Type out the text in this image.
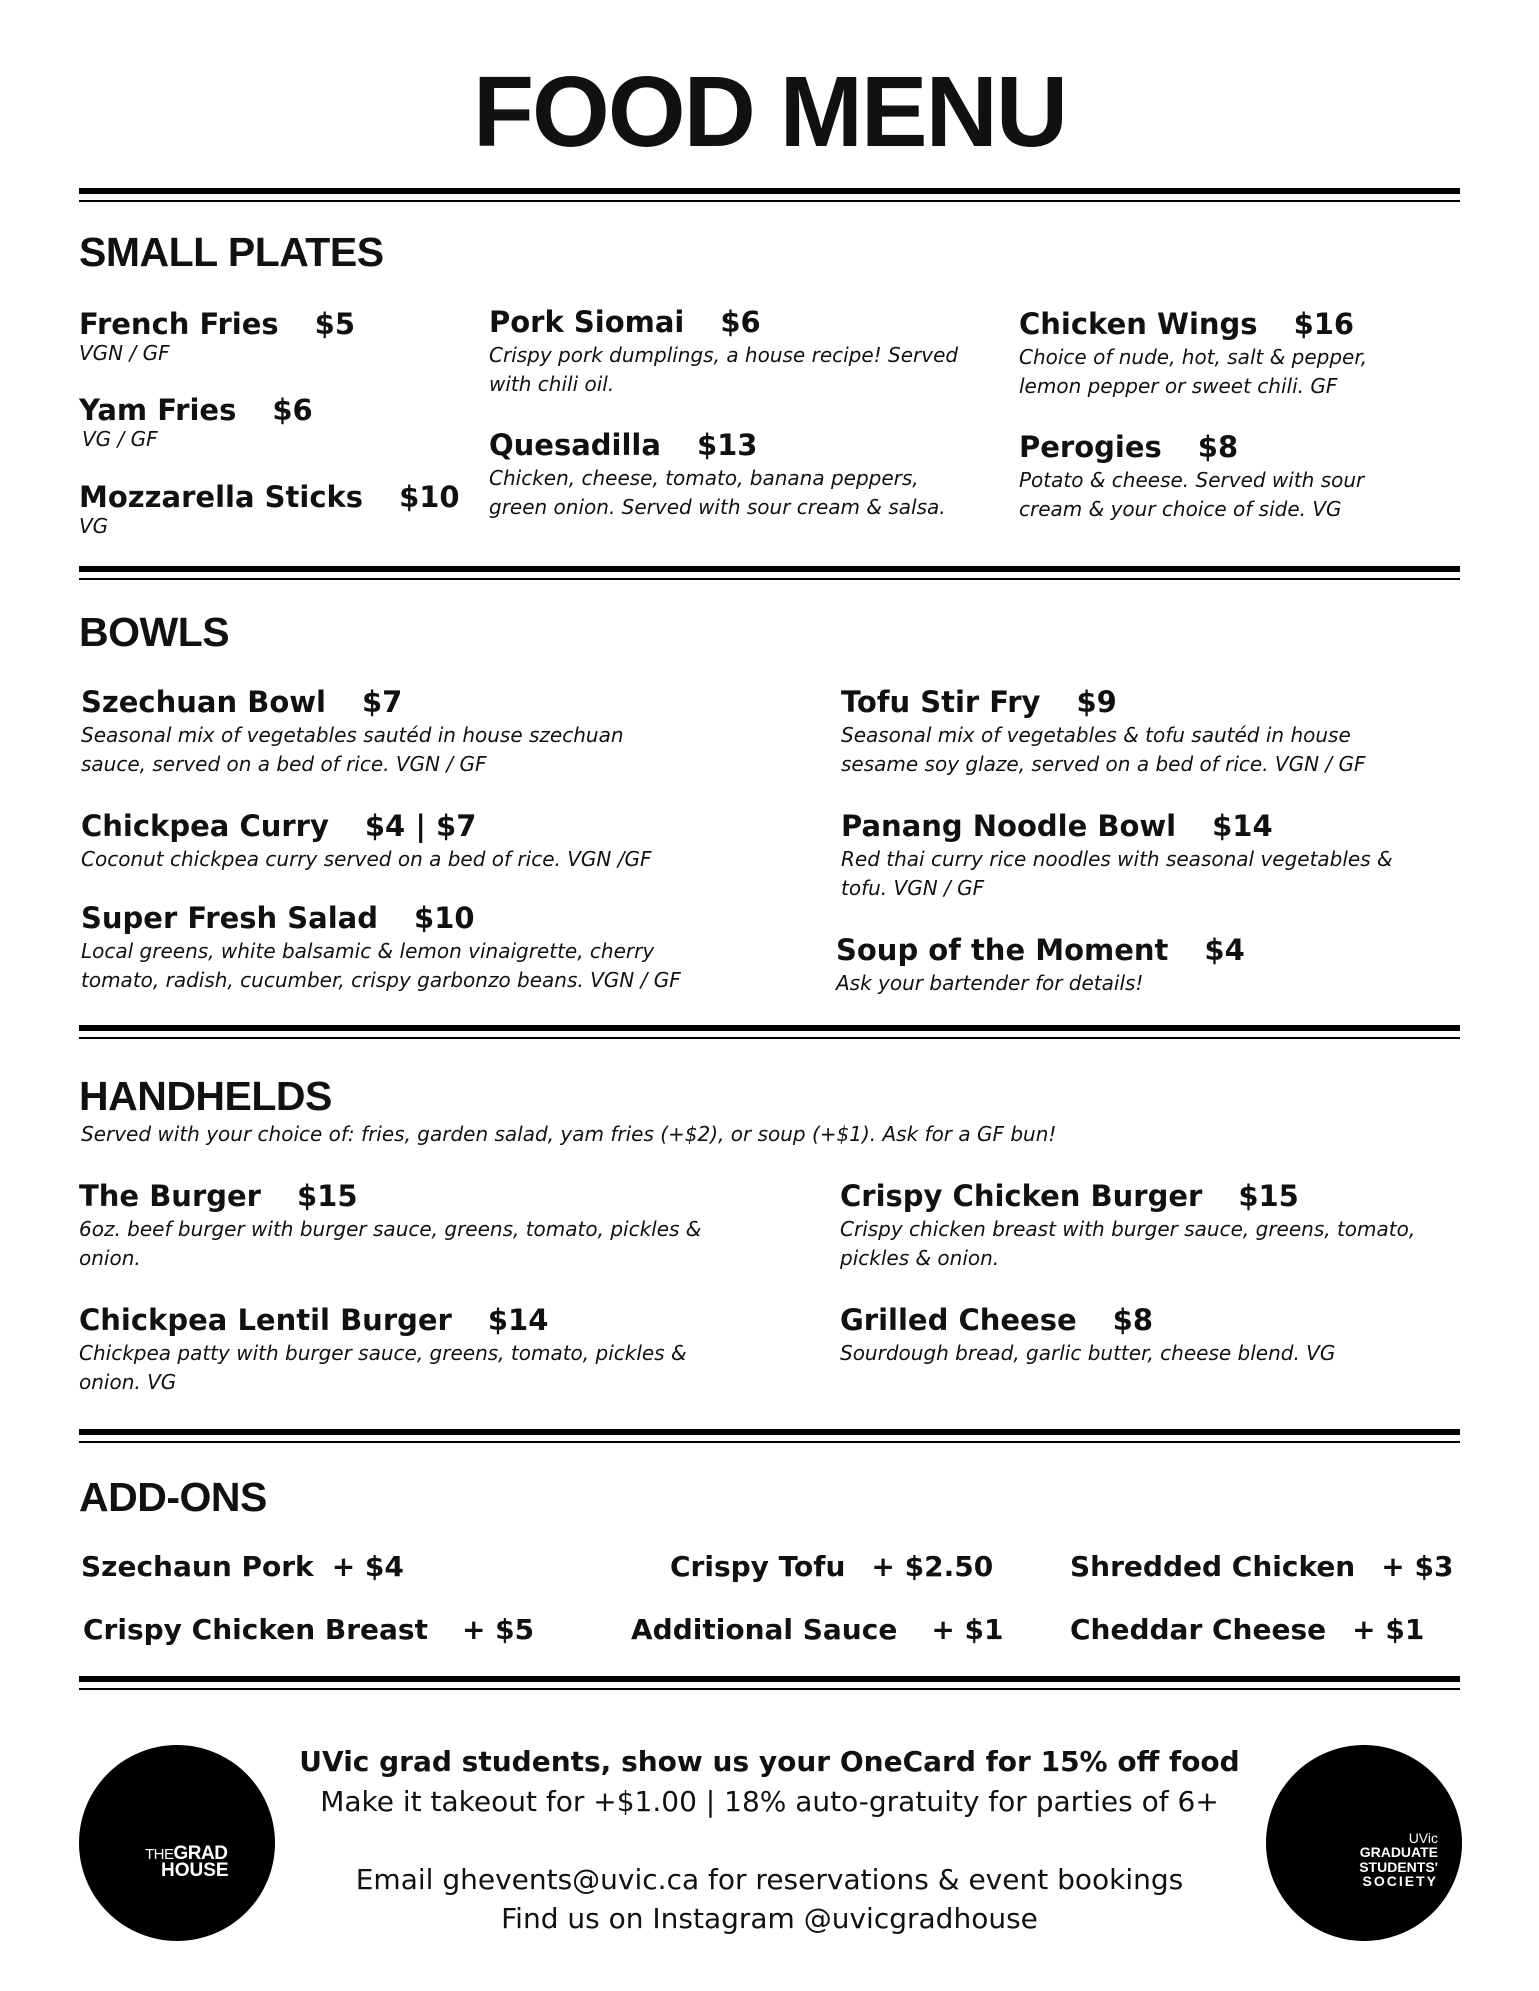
FOOD MENU
SMALL PLATES
French Fries $5
VGN / GF
Yam Fries $6
VG / GF
Mozzarella Sticks $10
VG
Pork Siomai $6
Crispy pork dumplings, a house recipe! Served with chili oil.
Quesadilla $13
Chicken, cheese, tomato, banana peppers, green onion. Served with sour cream & salsa.
Chicken Wings $16
Choice of nude, hot, salt & pepper, lemon pepper or sweet chili. GF
Perogies $8
Potato & cheese. Served with sour cream & your choice of side. VG
BOWLS
Szechuan Bowl $7
Seasonal mix of vegetables sautéd in house szechuan sauce, served on a bed of rice. VGN / GF
Chickpea Curry $4 | $7
Coconut chickpea curry served on a bed of rice. VGN /GF
Super Fresh Salad $10
Local greens, white balsamic & lemon vinaigrette, cherry tomato, radish, cucumber, crispy garbonzo beans. VGN / GF
Tofu Stir Fry $9
Seasonal mix of vegetables & tofu sautéd in house sesame soy glaze, served on a bed of rice. VGN / GF
Panang Noodle Bowl $14
Red thai curry rice noodles with seasonal vegetables & tofu. VGN / GF
Soup of the Moment $4
Ask your bartender for details!
HANDHELDS
Served with your choice of: fries, garden salad, yam fries (+$2), or soup (+$1). Ask for a GF bun!
The Burger $15
6oz. beef burger with burger sauce, greens, tomato, pickles & onion.
Chickpea Lentil Burger $14
Chickpea patty with burger sauce, greens, tomato, pickles & onion. VG
Crispy Chicken Burger $15
Crispy chicken breast with burger sauce, greens, tomato, pickles & onion.
Grilled Cheese $8
Sourdough bread, garlic butter, cheese blend. VG
ADD-ONS
Szechaun Pork + $4
Crispy Chicken Breast + $5
Crispy Tofu + $2.50
Additional Sauce + $1
Shredded Chicken + $3
Cheddar Cheese + $1
THEGRAD
HOUSE
UVic
GRADUATE
STUDENTS'
SOCIETY
UVic grad students, show us your OneCard for 15% off food
Make it takeout for +$1.00 | 18% auto-gratuity for parties of 6+
Email ghevents@uvic.ca for reservations & event bookings
Find us on Instagram @uvicgradhouse
